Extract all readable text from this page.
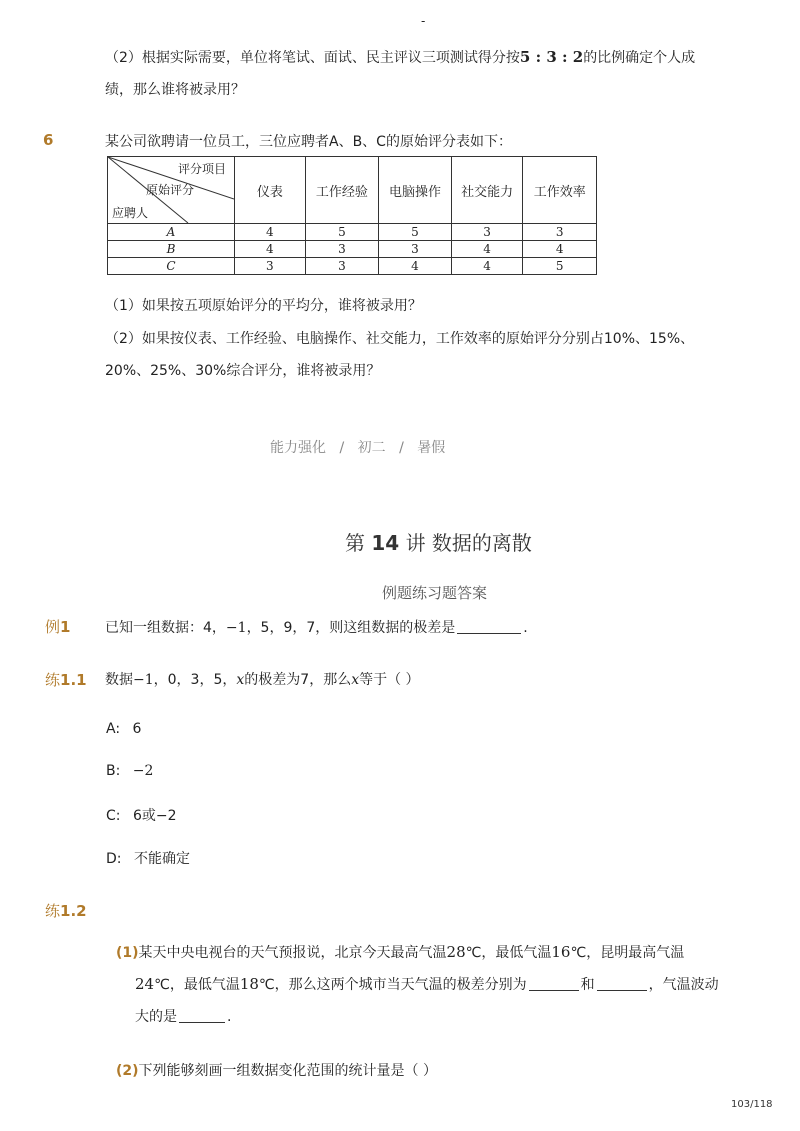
-
（2）根据实际需要，单位将笔试、面试、民主评议三项测试得分按5 : 3 : 2的比例确定个人成
绩，那么谁将被录用？
6	某公司欲聘请一位员工，三位应聘者A、B、C的原始评分表如下：
评分项目
原始评分
应聘人	仪表	工作经验	电脑操作	社交能力	工作效率
A	4	5	5	3	3
B	4	3	3	4	4
C	3	3	4	4	5
（1）如果按五项原始评分的平均分，谁将被录用？
（2）如果按仪表、工作经验、电脑操作、社交能力，工作效率的原始评分分别占10%、15%、
20%、25%、30%综合评分，谁将被录用？
能力强化 / 初二 / 暑假
第 14 讲 数据的离散
例题练习题答案
例1 已知一组数据：4，−1，5，9，7，则这组数据的极差是	.
练1.1 数据−1，0，3，5，x的极差为7，那么x等于（ ）
A: 6
B: −2
C: 6或−2
D: 不能确定
练1.2
(1)某天中央电视台的天气预报说，北京今天最高气温28℃，最低气温16℃，昆明最高气温
24℃，最低气温18℃，那么这两个城市当天气温的极差分别为	和	，气温波动
大的是	.
(2)下列能够刻画一组数据变化范围的统计量是（ ）
103/118
